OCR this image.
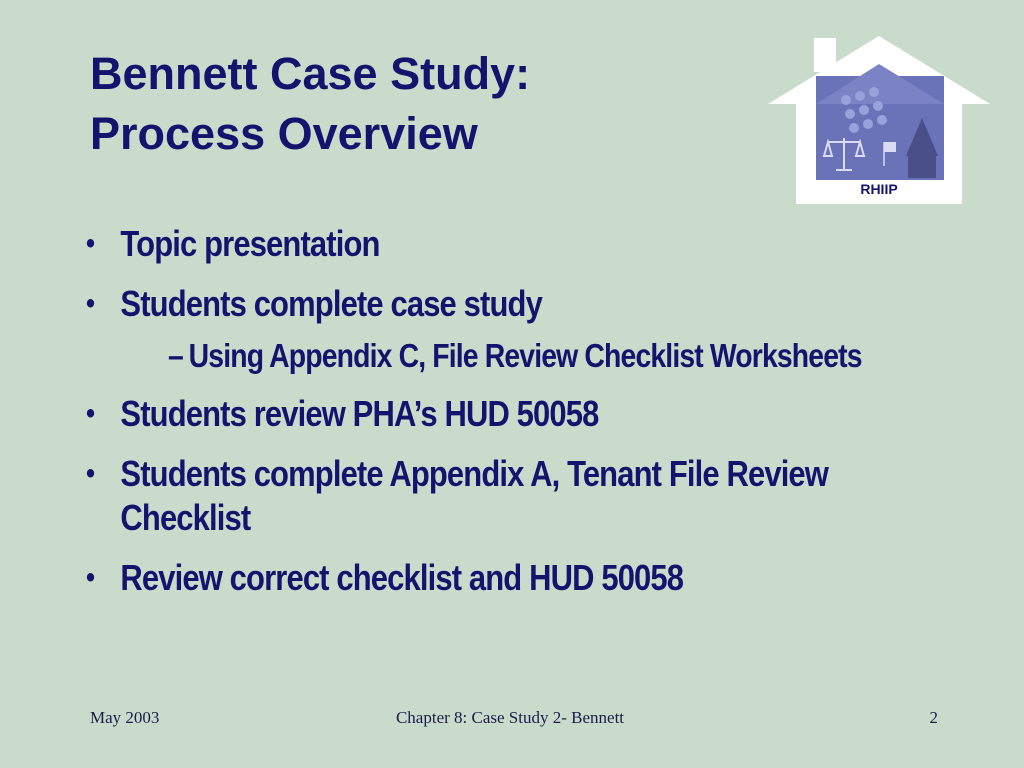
Bennett Case Study:
Process Overview
RHIIP
• Topic presentation
• Students complete case study
– Using Appendix C, File Review Checklist Worksheets
• Students review PHA’s HUD 50058
• Students complete Appendix A, Tenant File Review Checklist
• Review correct checklist and HUD 50058
May 2003	Chapter 8: Case Study 2- Bennett	2
